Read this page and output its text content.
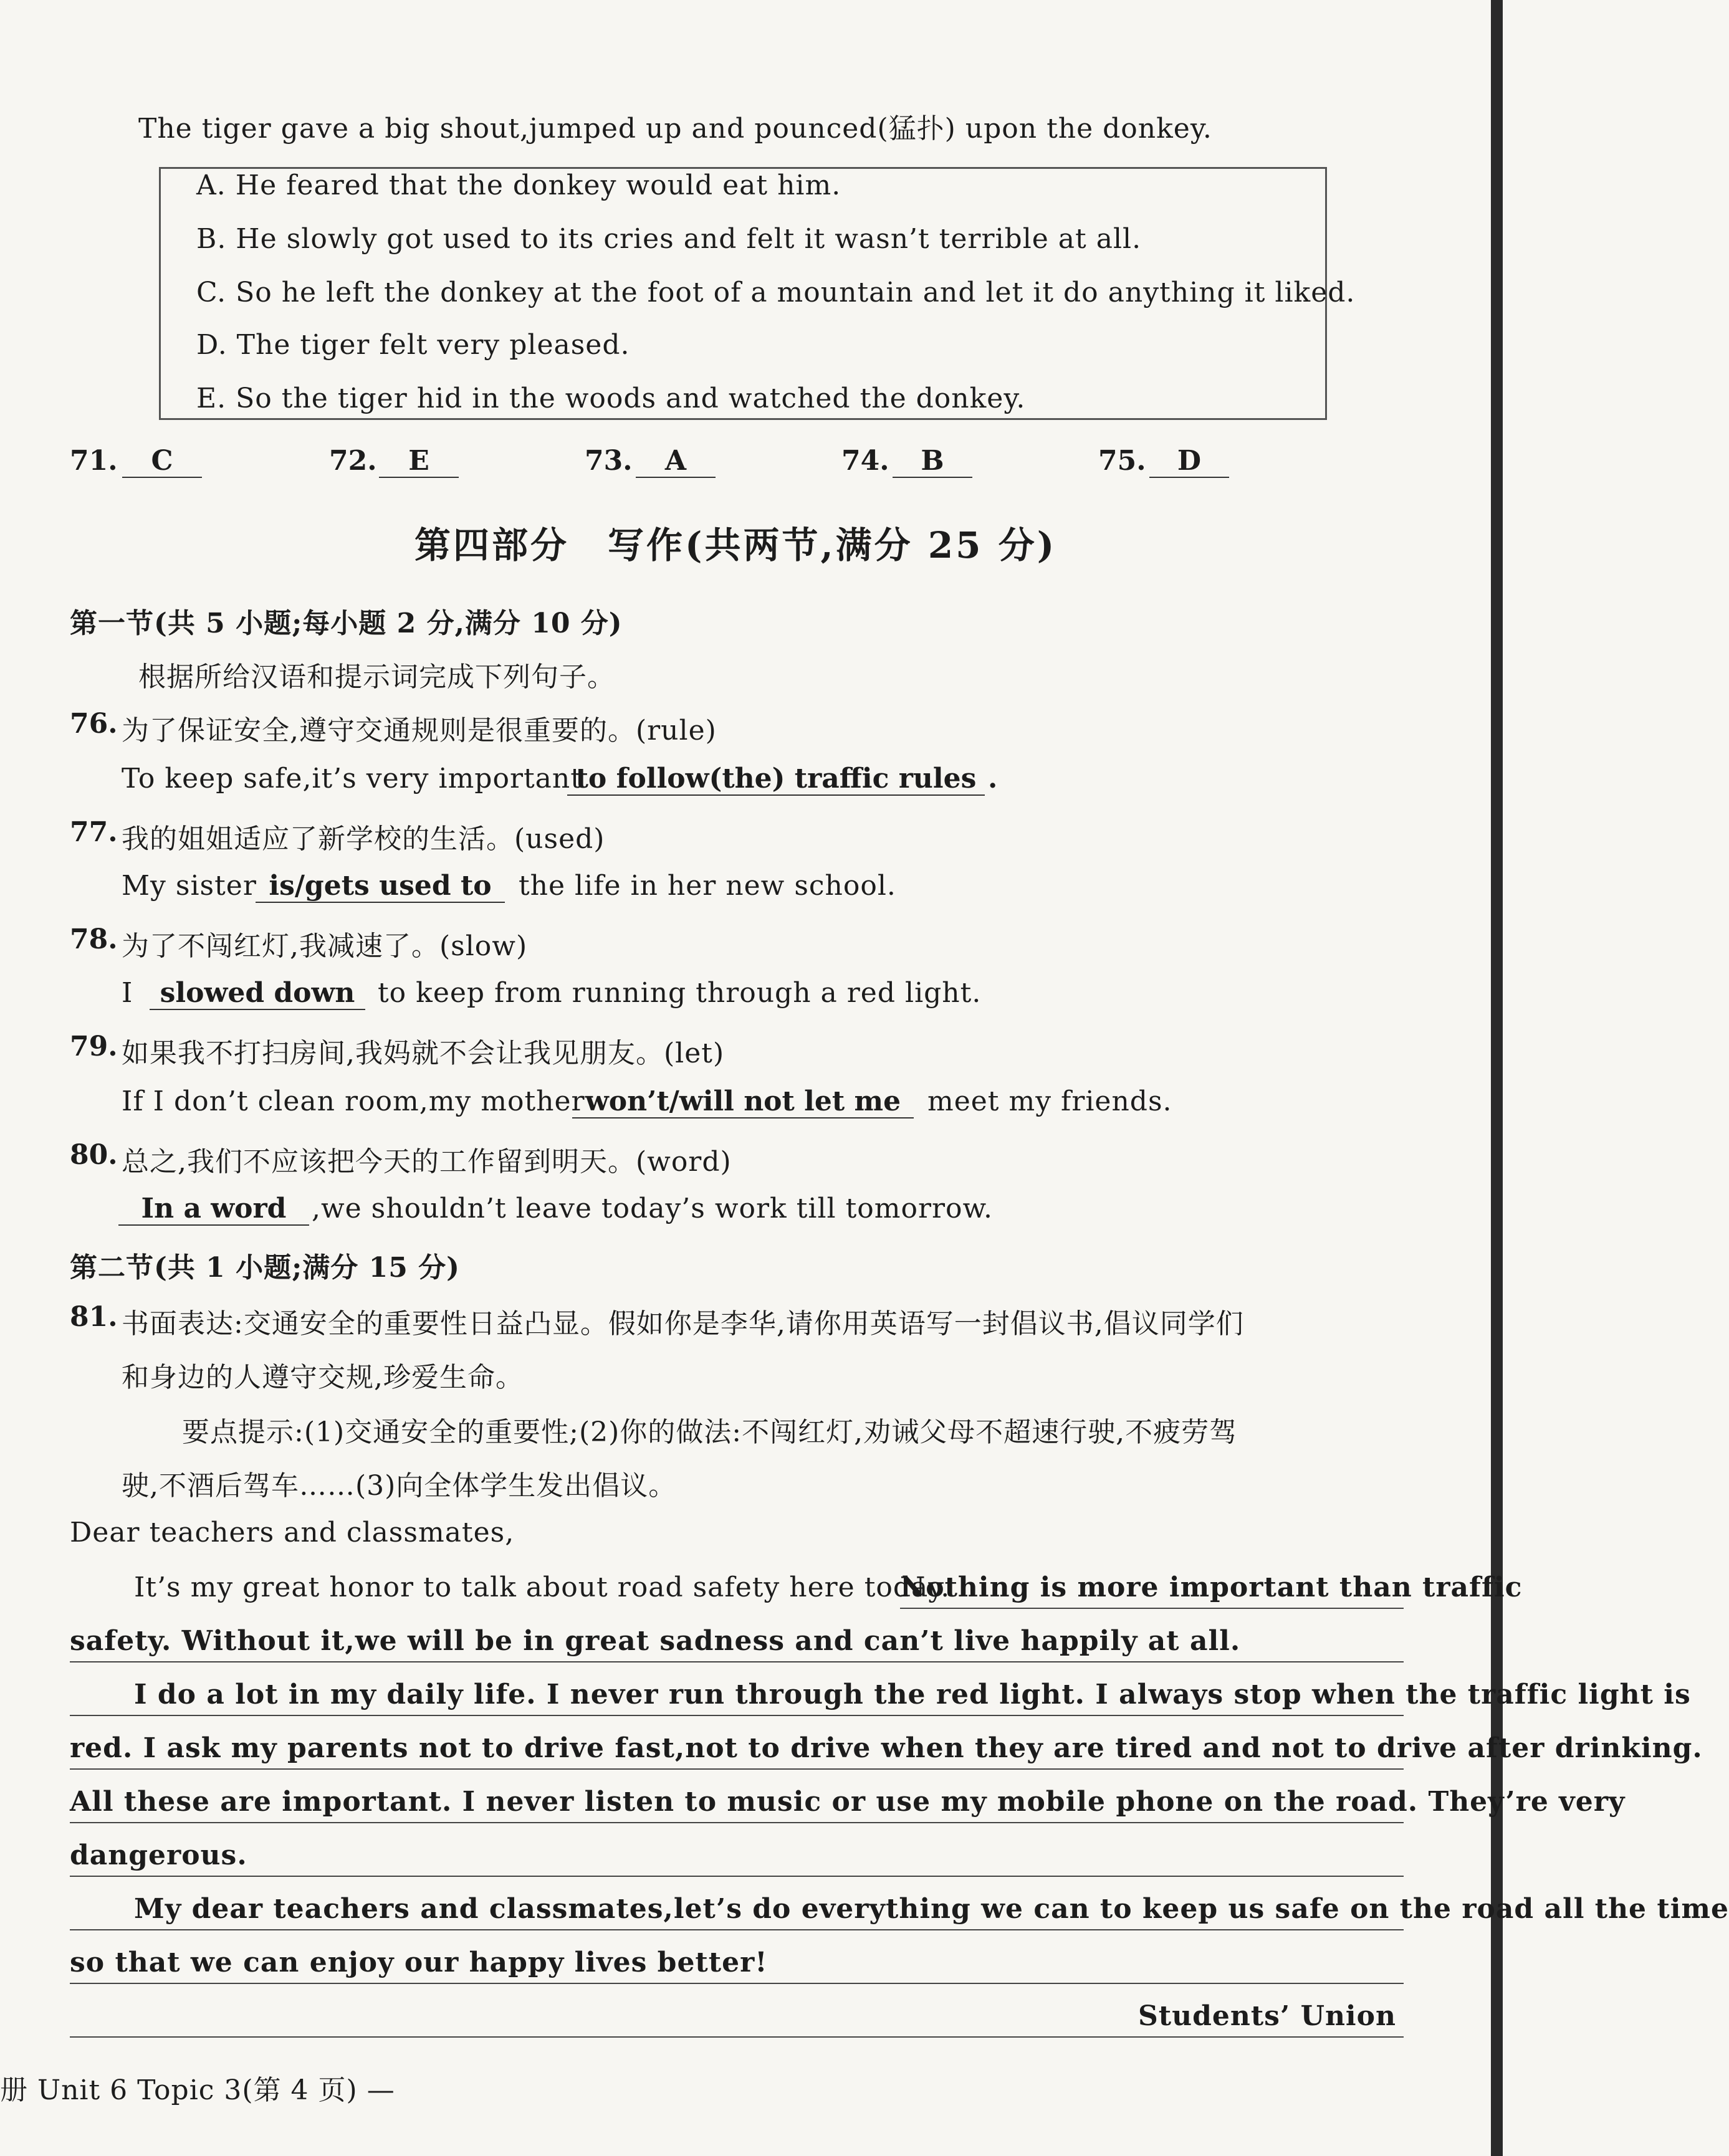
The tiger gave a big shout,jumped up and pounced(猛扑) upon the donkey.
A. He feared that the donkey would eat him.
B. He slowly got used to its cries and felt it wasn’t terrible at all.
C. So he left the donkey at the foot of a mountain and let it do anything it liked.
D. The tiger felt very pleased.
E. So the tiger hid in the woods and watched the donkey.
71.	C	72.	E	73.	A	74.	B	75.	D
第四部分　写作(共两节,满分 25 分)
第一节(共 5 小题;每小题 2 分,满分 10 分)
根据所给汉语和提示词完成下列句子。
76. 为了保证安全,遵守交通规则是很重要的。(rule)
To keep safe,it’s very important
to follow(the) traffic rules .
77. 我的姐姐适应了新学校的生活。(used)
My sister is/gets used to the life in her new school.
78. 为了不闯红灯,我减速了。(slow)
I slowed down to keep from running through a red light.
79. 如果我不打扫房间,我妈就不会让我见朋友。(let)
If I don’t clean room,my mother won’t/will not let me meet my friends.
80. 总之,我们不应该把今天的工作留到明天。(word)
In a word ,we shouldn’t leave today’s work till tomorrow.
第二节(共 1 小题;满分 15 分)
81. 书面表达:交通安全的重要性日益凸显。假如你是李华,请你用英语写一封倡议书,倡议同学们
和身边的人遵守交规,珍爱生命。
要点提示:(1)交通安全的重要性;(2)你的做法:不闯红灯,劝诫父母不超速行驶,不疲劳驾
驶,不酒后驾车……(3)向全体学生发出倡议。
Dear teachers and classmates,
It’s my great honor to talk about road safety here today.
Nothing is more important than traffic
safety. Without it,we will be in great sadness and can’t live happily at all.
I do a lot in my daily life. I never run through the red light. I always stop when the traffic light is
red. I ask my parents not to drive fast,not to drive when they are tired and not to drive after drinking.
All these are important. I never listen to music or use my mobile phone on the road. They’re very
dangerous.
My dear teachers and classmates,let’s do everything we can to keep us safe on the road all the time
so that we can enjoy our happy lives better!
Students’ Union
册 Unit 6 Topic 3(第 4 页) —
